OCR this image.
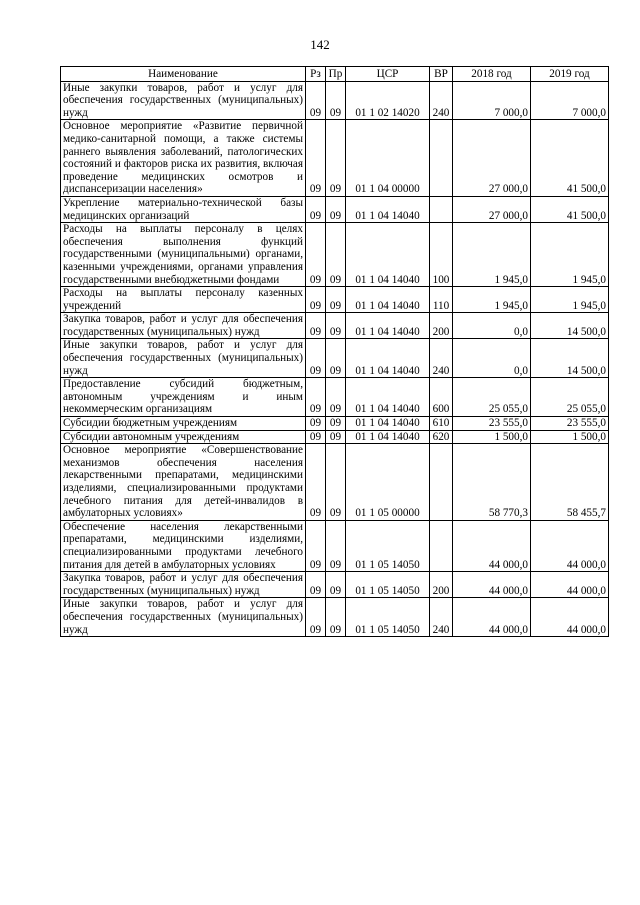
142
Наименование	Рз	Пр	ЦСР	ВР	2018 год	2019 год
Иные закупки товаров, работ и услуг для обеспечения государственных (муниципальных) нужд	09	09	01 1 02 14020	240	7 000,0	7 000,0
Основное мероприятие «Развитие первичной медико-санитарной помощи, а также системы раннего выявления заболеваний, патологических состояний и факторов риска их развития, включая проведение медицинских осмотров и диспансеризации населения»	09	09	01 1 04 00000		27 000,0	41 500,0
Укрепление материально-технической базы медицинских организаций	09	09	01 1 04 14040		27 000,0	41 500,0
Расходы на выплаты персоналу в целях обеспечения выполнения функций государственными (муниципальными) органами, казенными учреждениями, органами управления государственными внебюджетными фондами	09	09	01 1 04 14040	100	1 945,0	1 945,0
Расходы на выплаты персоналу казенных учреждений	09	09	01 1 04 14040	110	1 945,0	1 945,0
Закупка товаров, работ и услуг для обеспечения государственных (муниципальных) нужд	09	09	01 1 04 14040	200	0,0	14 500,0
Иные закупки товаров, работ и услуг для обеспечения государственных (муниципальных) нужд	09	09	01 1 04 14040	240	0,0	14 500,0
Предоставление субсидий бюджетным, автономным учреждениям и иным некоммерческим организациям	09	09	01 1 04 14040	600	25 055,0	25 055,0
Субсидии бюджетным учреждениям	09	09	01 1 04 14040	610	23 555,0	23 555,0
Субсидии автономным учреждениям	09	09	01 1 04 14040	620	1 500,0	1 500,0
Основное мероприятие «Совершенствование механизмов обеспечения населения лекарственными препаратами, медицинскими изделиями, специализированными продуктами лечебного питания для детей-инвалидов в амбулаторных условиях»	09	09	01 1 05 00000		58 770,3	58 455,7
Обеспечение населения лекарственными препаратами, медицинскими изделиями, специализированными продуктами лечебного питания для детей в амбулаторных условиях	09	09	01 1 05 14050		44 000,0	44 000,0
Закупка товаров, работ и услуг для обеспечения государственных (муниципальных) нужд	09	09	01 1 05 14050	200	44 000,0	44 000,0
Иные закупки товаров, работ и услуг для обеспечения государственных (муниципальных) нужд	09	09	01 1 05 14050	240	44 000,0	44 000,0
